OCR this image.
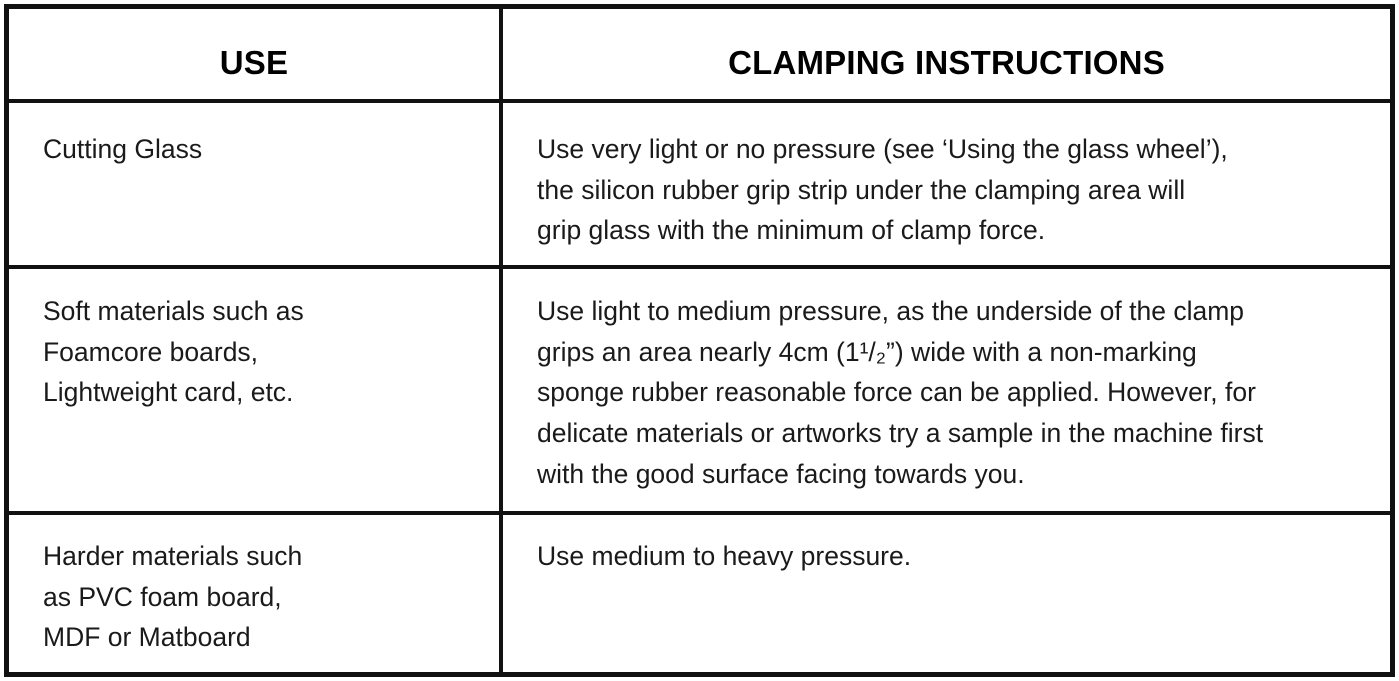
USE	CLAMPING INSTRUCTIONS
Cutting Glass	Use very light or no pressure (see ‘Using the glass wheel’),
the silicon rubber grip strip under the clamping area will
grip glass with the minimum of clamp force.
Soft materials such as
Foamcore boards,
Lightweight card, etc.
Use light to medium pressure, as the underside of the clamp
grips an area nearly 4cm (1¹/₂”) wide with a non-marking
sponge rubber reasonable force can be applied. However, for
delicate materials or artworks try a sample in the machine first
with the good surface facing towards you.
Harder materials such
as PVC foam board,
MDF or Matboard
Use medium to heavy pressure.
